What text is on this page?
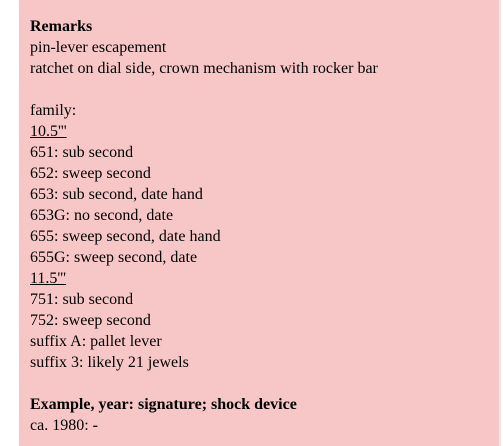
Remarks
pin-lever escapement
ratchet on dial side, crown mechanism with rocker bar
family:
10.5'''
651: sub second
652: sweep second
653: sub second, date hand
653G: no second, date
655: sweep second, date hand
655G: sweep second, date
11.5'''
751: sub second
752: sweep second
suffix A: pallet lever
suffix 3: likely 21 jewels
Example, year: signature; shock device
ca. 1980: -
